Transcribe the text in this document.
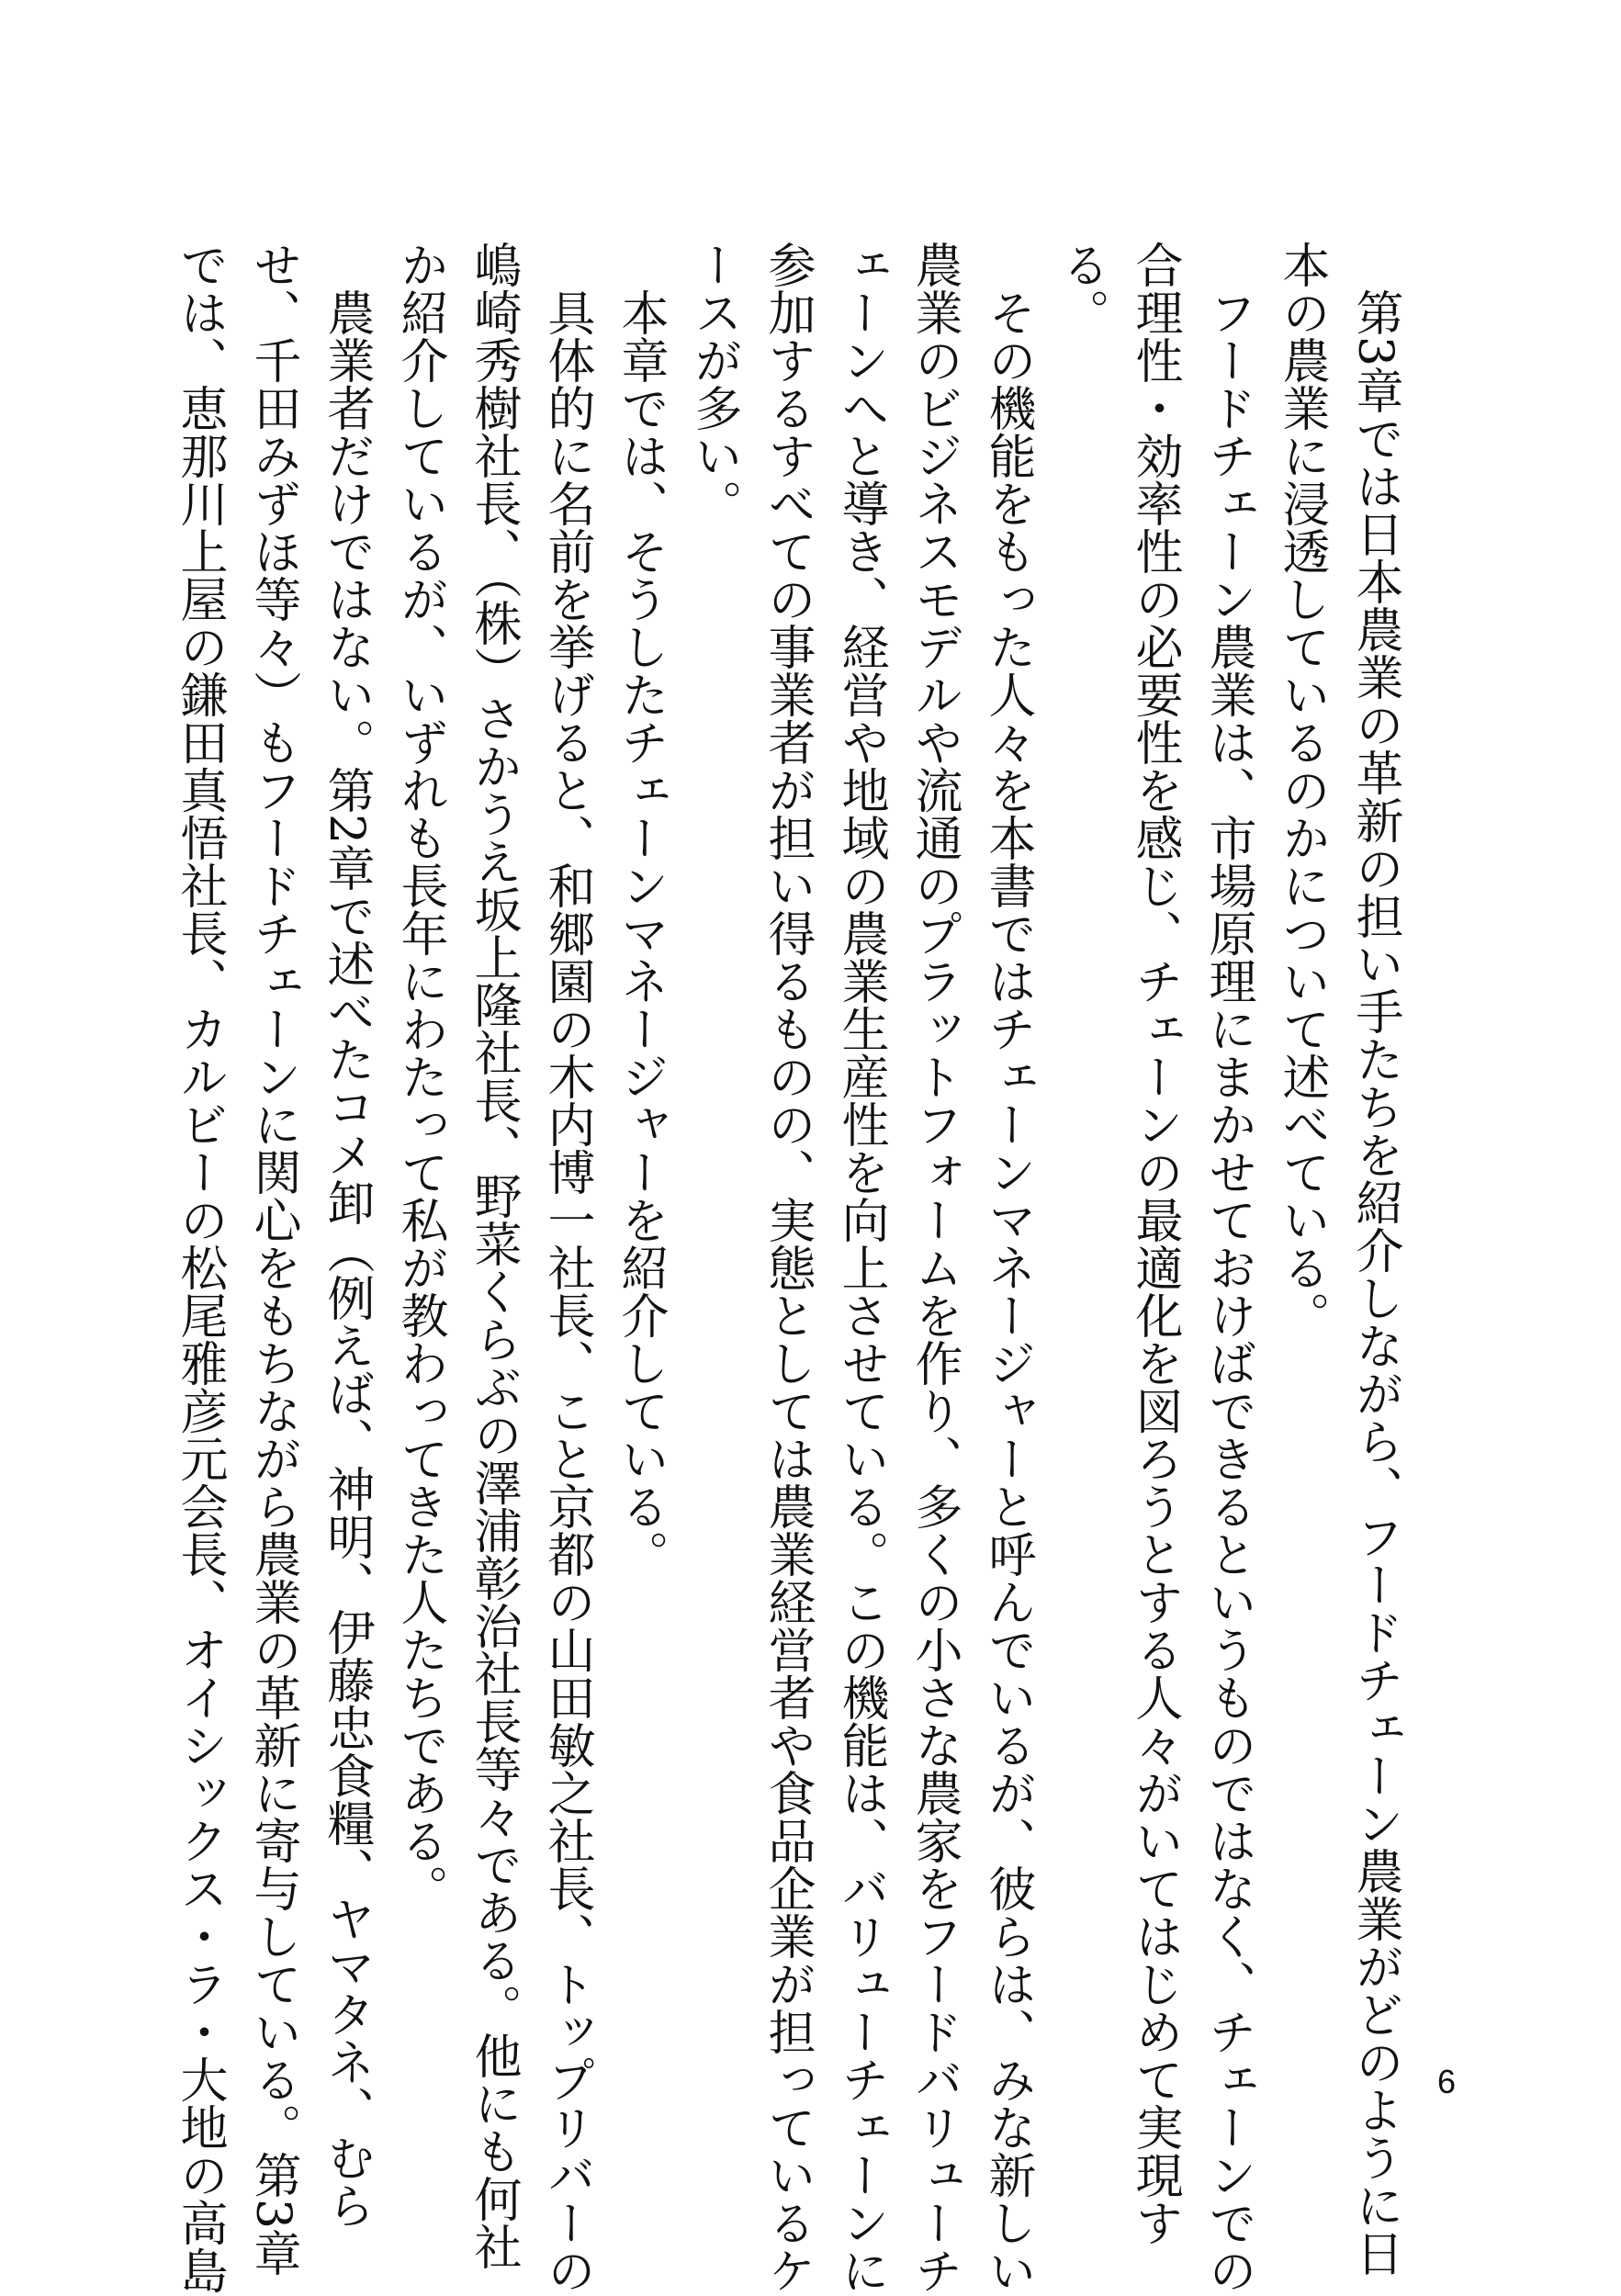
　第3章では日本農業の革新の担い手たちを紹介しながら、フードチェーン農業がどのように日
本の農業に浸透しているのかについて述べている。
　フードチェーン農業は、市場原理にまかせておけばできるというものではなく、チェーンでの
合理性・効率性の必要性を感じ、チェーンの最適化を図ろうとする人々がいてはじめて実現す
る。
　その機能をもった人々を本書ではチェーンマネージャーと呼んでいるが、彼らは、みな新しい
農業のビジネスモデルや流通のプラットフォームを作り、多くの小さな農家をフードバリューチ
ェーンへと導き、経営や地域の農業生産性を向上させている。この機能は、バリューチェーンに
参加するすべての事業者が担い得るものの、実態としては農業経営者や食品企業が担っているケ
ースが多い。
　本章では、そうしたチェーンマネージャーを紹介している。
　具体的に名前を挙げると、和郷園の木内博一社長、こと京都の山田敏之社長、トップリバーの
嶋崎秀樹社長、（株）さかうえ坂上隆社長、野菜くらぶの澤浦彰治社長等々である。他にも何社
か紹介しているが、いずれも長年にわたって私が教わってきた人たちである。
　農業者だけではない。第2章で述べたコメ卸（例えば、神明、伊藤忠食糧、ヤマタネ、むら
せ、千田みずほ等々）もフードチェーンに関心をもちながら農業の革新に寄与している。第3章
では、恵那川上屋の鎌田真悟社長、カルビーの松尾雅彦元会長、オイシックス・ラ・大地の高島	6
